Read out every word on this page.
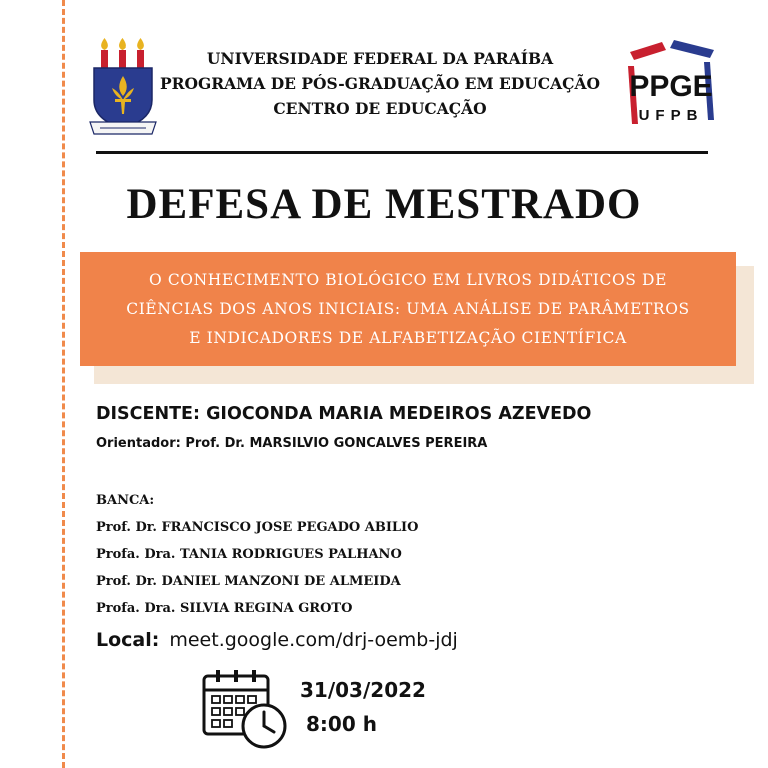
UNIVERSIDADE FEDERAL DA PARAÍBA
PROGRAMA DE PÓS-GRADUAÇÃO EM EDUCAÇÃO
CENTRO DE EDUCAÇÃO
PPGE
UFPB
DEFESA DE MESTRADO
O CONHECIMENTO BIOLÓGICO EM LIVROS DIDÁTICOS DE
CIÊNCIAS DOS ANOS INICIAIS: UMA ANÁLISE DE PARÂMETROS
E INDICADORES DE ALFABETIZAÇÃO CIENTÍFICA
DISCENTE: GIOCONDA MARIA MEDEIROS AZEVEDO
Orientador: Prof. Dr. MARSILVIO GONCALVES PEREIRA
BANCA:
Prof. Dr. FRANCISCO JOSE PEGADO ABILIO
Profa. Dra. TANIA RODRIGUES PALHANO
Prof. Dr. DANIEL MANZONI DE ALMEIDA
Profa. Dra. SILVIA REGINA GROTO
Local: meet.google.com/drj-oemb-jdj
31/03/2022
8:00 h
